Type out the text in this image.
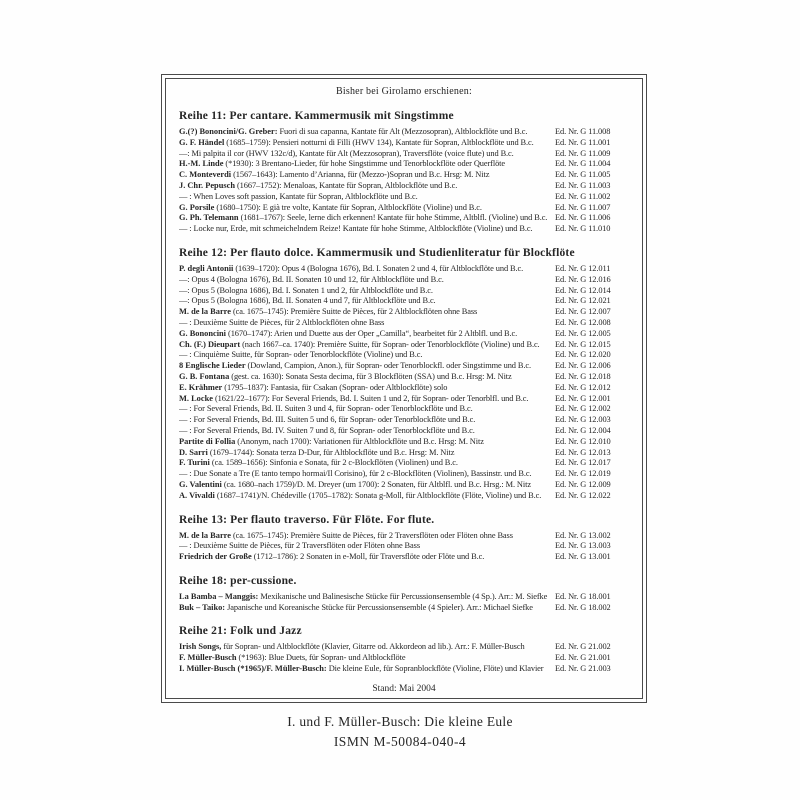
Bisher bei Girolamo erschienen:
Reihe 11: Per cantare. Kammermusik mit Singstimme
G.(?) Bononcini/G. Greber: Fuori di sua capanna, Kantate für Alt (Mezzosopran), Altblockflöte und B.c.	Ed. Nr. G 11.008
G. F. Händel (1685–1759): Pensieri notturni di Filli (HWV 134), Kantate für Sopran, Altblockflöte und B.c.	Ed. Nr. G 11.001
—: Mi palpita il cor (HWV 132c/d), Kantate für Alt (Mezzosopran), Traversflöte (voice flute) und B.c.	Ed. Nr. G 11.009
H.-M. Linde (*1930): 3 Brentano-Lieder, für hohe Singstimme und Tenorblockflöte oder Querflöte	Ed. Nr. G 11.004
C. Monteverdi (1567–1643): Lamento d’Arianna, für (Mezzo-)Sopran und B.c. Hrsg: M. Nitz	Ed. Nr. G 11.005
J. Chr. Pepusch (1667–1752): Menaloas, Kantate für Sopran, Altblockflöte und B.c.	Ed. Nr. G 11.003
— : When Loves soft passion, Kantate für Sopran, Altblockflöte und B.c.	Ed. Nr. G 11.002
G. Porsile (1680–1750): E già tre volte, Kantate für Sopran, Altblockflöte (Violine) und B.c.	Ed. Nr. G 11.007
G. Ph. Telemann (1681–1767): Seele, lerne dich erkennen! Kantate für hohe Stimme, Altblfl. (Violine) und B.c. Ed. Nr. G 11.006
— : Locke nur, Erde, mit schmeichelndem Reize! Kantate für hohe Stimme, Altblockflöte (Violine) und B.c.	Ed. Nr. G 11.010
Reihe 12: Per flauto dolce. Kammermusik und Studienliteratur für Blockflöte
P. degli Antonii (1639–1720): Opus 4 (Bologna 1676), Bd. I. Sonaten 2 und 4, für Altblockflöte und B.c.	Ed. Nr. G 12.011
—: Opus 4 (Bologna 1676), Bd. II. Sonaten 10 und 12, für Altblockflöte und B.c.	Ed. Nr. G 12.016
—: Opus 5 (Bologna 1686), Bd. I. Sonaten 1 und 2, für Altblockflöte und B.c.	Ed. Nr. G 12.014
—: Opus 5 (Bologna 1686), Bd. II. Sonaten 4 und 7, für Altblockflöte und B.c.	Ed. Nr. G 12.021
M. de la Barre (ca. 1675–1745): Première Suitte de Pièces, für 2 Altblockflöten ohne Bass	Ed. Nr. G 12.007
— : Deuxième Suitte de Pièces, für 2 Altblockflöten ohne Bass	Ed. Nr. G 12.008
G. Bononcini (1670–1747): Arien und Duette aus der Oper „Camilla“, bearbeitet für 2 Altblfl. und B.c.	Ed. Nr. G 12.005
Ch. (F.) Dieupart (nach 1667–ca. 1740): Première Suitte, für Sopran- oder Tenorblockflöte (Violine) und B.c.	Ed. Nr. G 12.015
— : Cinquième Suitte, für Sopran- oder Tenorblockflöte (Violine) und B.c.	Ed. Nr. G 12.020
8 Englische Lieder (Dowland, Campion, Anon.), für Sopran- oder Tenorblockfl. oder Singstimme und B.c.	Ed. Nr. G 12.006
G. B. Fontana (gest. ca. 1630): Sonata Sesta decima, für 3 Blockflöten (SSA) und B.c. Hrsg: M. Nitz	Ed. Nr. G 12.018
E. Krähmer (1795–1837): Fantasia, für Csakan (Sopran- oder Altblockflöte) solo	Ed. Nr. G 12.012
M. Locke (1621/22–1677): For Several Friends, Bd. I. Suiten 1 und 2, für Sopran- oder Tenorblfl. und B.c.	Ed. Nr. G 12.001
— : For Several Friends, Bd. II. Suiten 3 und 4, für Sopran- oder Tenorblockflöte und B.c.	Ed. Nr. G 12.002
— : For Several Friends, Bd. III. Suiten 5 und 6, für Sopran- oder Tenorblockflöte und B.c.	Ed. Nr. G 12.003
— : For Several Friends, Bd. IV. Suiten 7 und 8, für Sopran- oder Tenorblockflöte und B.c.	Ed. Nr. G 12.004
Partite di Follia (Anonym, nach 1700): Variationen für Altblockflöte und B.c. Hrsg: M. Nitz	Ed. Nr. G 12.010
D. Sarri (1679–1744): Sonata terza D-Dur, für Altblockflöte und B.c. Hrsg: M. Nitz	Ed. Nr. G 12.013
F. Turini (ca. 1589–1656): Sinfonia e Sonata, für 2 c-Blockflöten (Violinen) und B.c.	Ed. Nr. G 12.017
— : Due Sonate a Tre (E tanto tempo hormai/Il Corisino), für 2 c-Blockflöten (Violinen), Bassinstr. und B.c.	Ed. Nr. G 12.019
G. Valentini (ca. 1680–nach 1759)/D. M. Dreyer (um 1700): 2 Sonaten, für Altblfl. und B.c. Hrsg.: M. Nitz	Ed. Nr. G 12.009
A. Vivaldi (1687–1741)/N. Chédeville (1705–1782): Sonata g-Moll, für Altblockflöte (Flöte, Violine) und B.c.	Ed. Nr. G 12.022
Reihe 13: Per flauto traverso. Für Flöte. For flute.
M. de la Barre (ca. 1675–1745): Première Suitte de Pièces, für 2 Traversflöten oder Flöten ohne Bass	Ed. Nr. G 13.002
— : Deuxième Suitte de Pièces, für 2 Traversflöten oder Flöten ohne Bass	Ed. Nr. G 13.003
Friedrich der Große (1712–1786): 2 Sonaten in e-Moll, für Traversflöte oder Flöte und B.c.	Ed. Nr. G 13.001
Reihe 18: per-cussione.
La Bamba – Manggis: Mexikanische und Balinesische Stücke für Percussionsensemble (4 Sp.). Arr.: M. Siefke Ed. Nr. G 18.001
Buk – Taiko: Japanische und Koreanische Stücke für Percussionsensemble (4 Spieler). Arr.: Michael Siefke	Ed. Nr. G 18.002
Reihe 21: Folk und Jazz
Irish Songs, für Sopran- und Altblockflöte (Klavier, Gitarre od. Akkordeon ad lib.). Arr.: F. Müller-Busch	Ed. Nr. G 21.002
F. Müller-Busch (*1963): Blue Duets, für Sopran- und Altblockflöte	Ed. Nr. G 21.001
I. Müller-Busch (*1965)/F. Müller-Busch: Die kleine Eule, für Sopranblockflöte (Violine, Flöte) und Klavier	Ed. Nr. G 21.003
Stand: Mai 2004
I. und F. Müller-Busch: Die kleine Eule
ISMN M-50084-040-4
